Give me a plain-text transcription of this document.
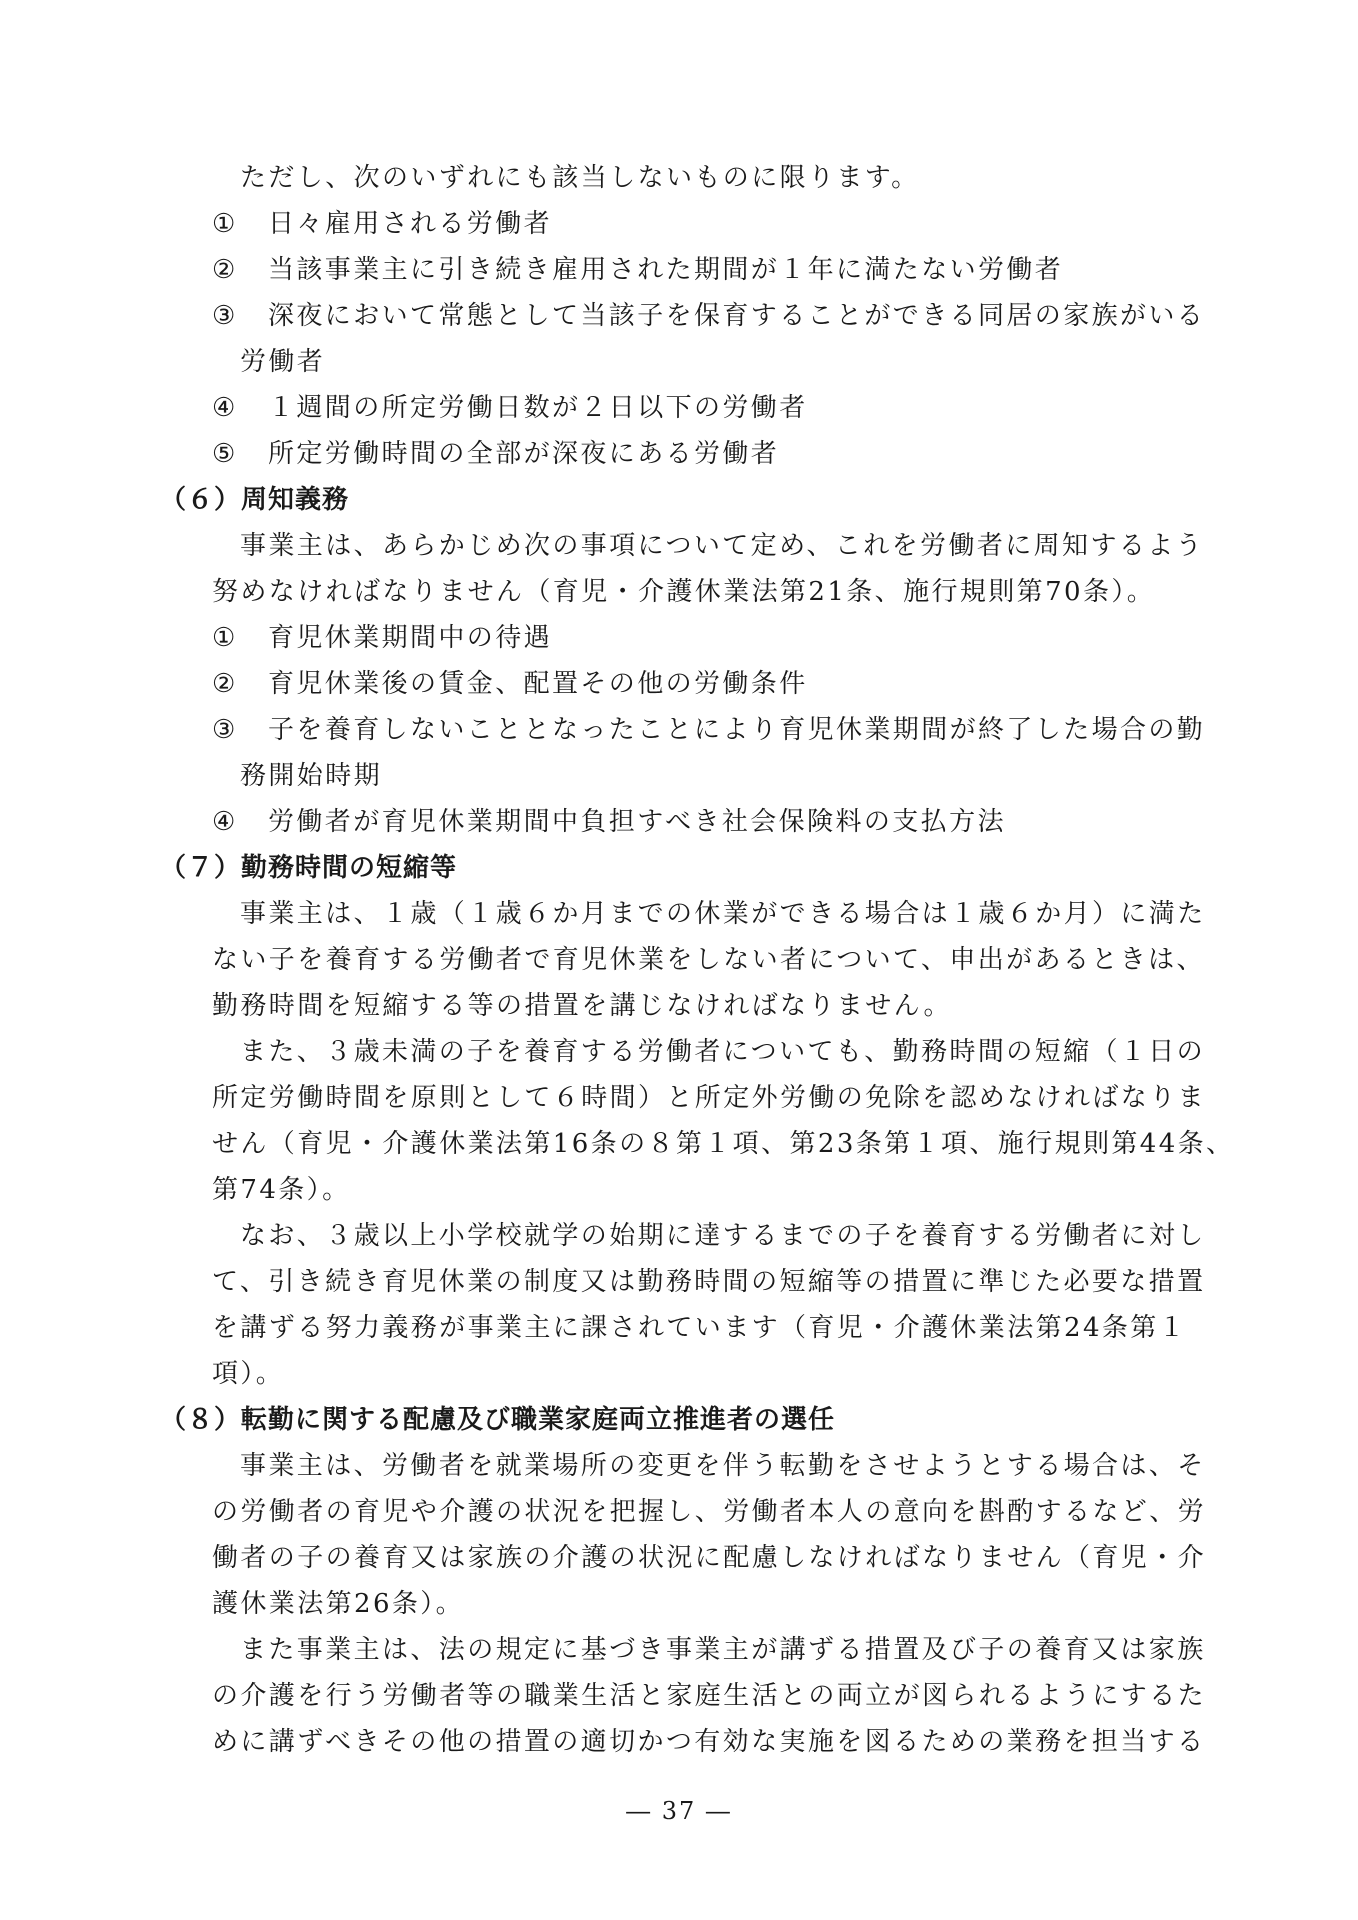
ただし、次のいずれにも該当しないものに限ります。
① 日々雇用される労働者
② 当該事業主に引き続き雇用された期間が１年に満たない労働者
③ 深夜において常態として当該子を保育することができる同居の家族がいる
労働者
④ １週間の所定労働日数が２日以下の労働者
⑤ 所定労働時間の全部が深夜にある労働者
（６）周知義務
事業主は、あらかじめ次の事項について定め、これを労働者に周知するよう
努めなければなりません（育児・介護休業法第21条、施行規則第70条）。
① 育児休業期間中の待遇
② 育児休業後の賃金、配置その他の労働条件
③ 子を養育しないこととなったことにより育児休業期間が終了した場合の勤
務開始時期
④ 労働者が育児休業期間中負担すべき社会保険料の支払方法
（７）勤務時間の短縮等
事業主は、１歳（１歳６か月までの休業ができる場合は１歳６か月）に満た
ない子を養育する労働者で育児休業をしない者について、申出があるときは、
勤務時間を短縮する等の措置を講じなければなりません。
また、３歳未満の子を養育する労働者についても、勤務時間の短縮（１日の
所定労働時間を原則として６時間）と所定外労働の免除を認めなければなりま
せん（育児・介護休業法第16条の８第１項、第23条第１項、施行規則第44条、
第74条）。
なお、３歳以上小学校就学の始期に達するまでの子を養育する労働者に対し
て、引き続き育児休業の制度又は勤務時間の短縮等の措置に準じた必要な措置
を講ずる努力義務が事業主に課されています（育児・介護休業法第24条第１
項）。
（８）転勤に関する配慮及び職業家庭両立推進者の選任
事業主は、労働者を就業場所の変更を伴う転勤をさせようとする場合は、そ
の労働者の育児や介護の状況を把握し、労働者本人の意向を斟酌するなど、労
働者の子の養育又は家族の介護の状況に配慮しなければなりません（育児・介
護休業法第26条）。
また事業主は、法の規定に基づき事業主が講ずる措置及び子の養育又は家族
の介護を行う労働者等の職業生活と家庭生活との両立が図られるようにするた
めに講ずべきその他の措置の適切かつ有効な実施を図るための業務を担当する
― 37 ―
